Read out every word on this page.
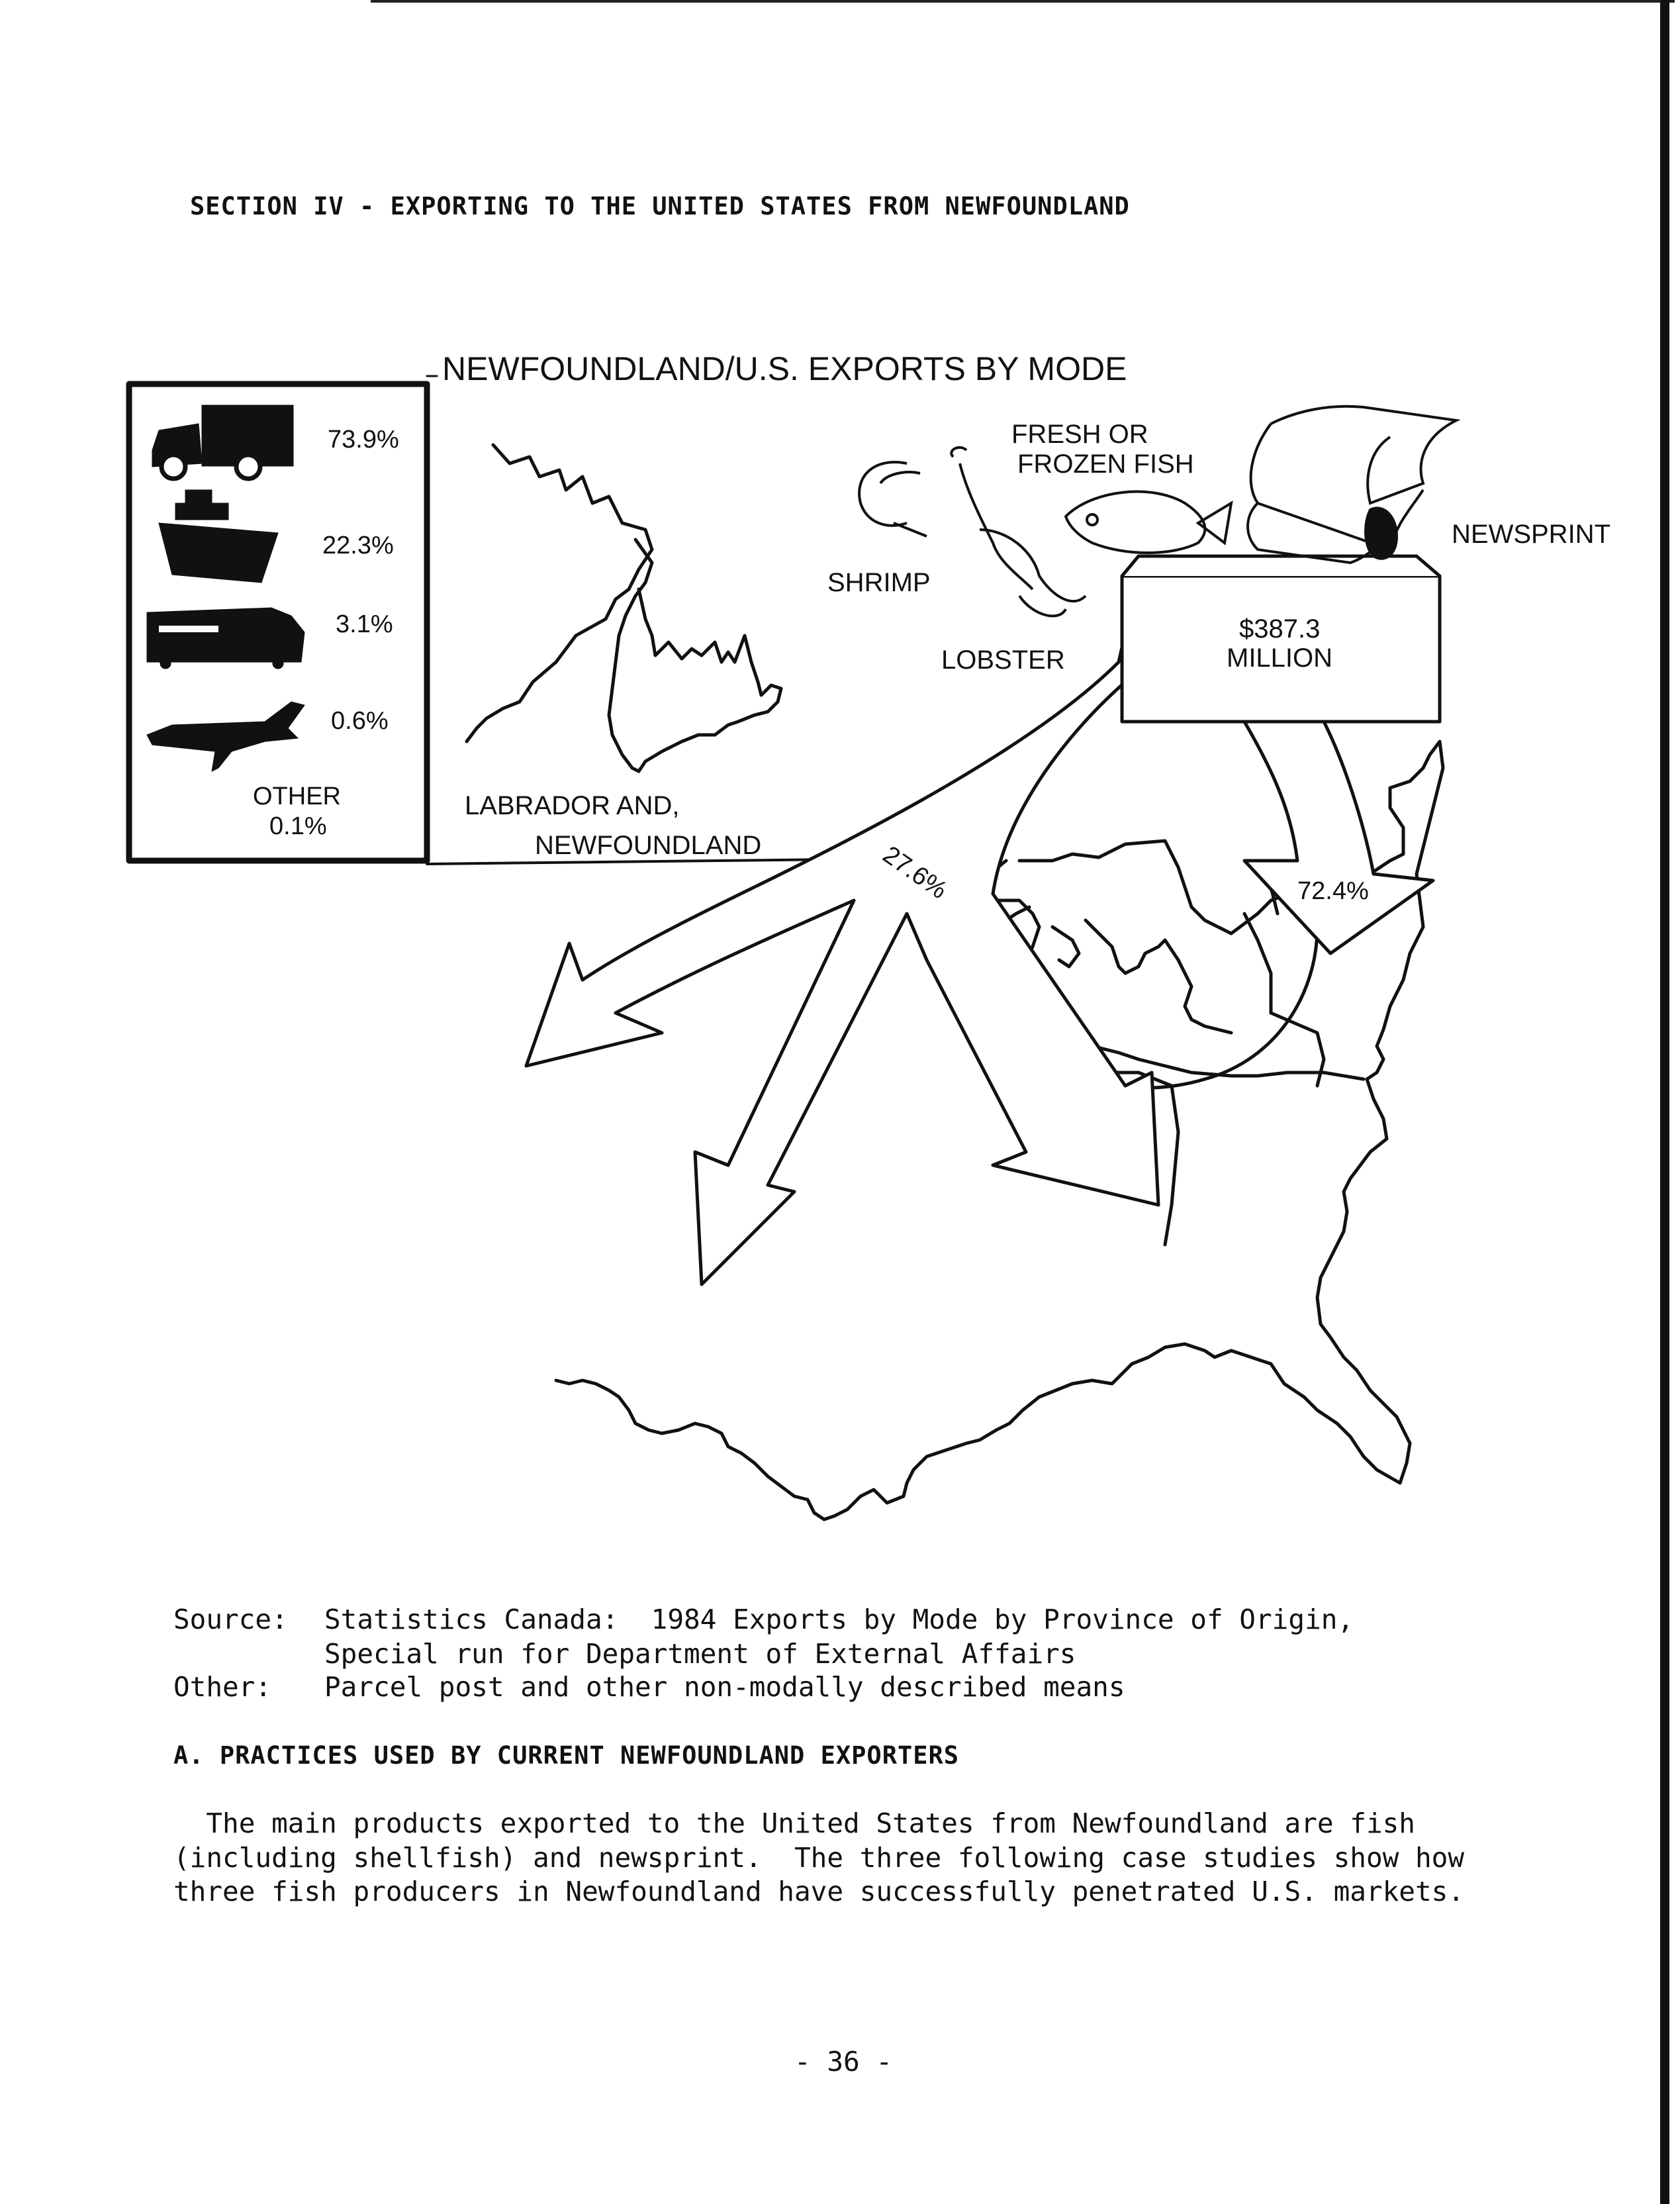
SECTION IV - EXPORTING TO THE UNITED STATES FROM NEWFOUNDLAND
NEWFOUNDLAND/U.S. EXPORTS BY MODE
73.9%
22.3%
3.1%
0.6%
OTHER
0.1%
LABRADOR AND,
NEWFOUNDLAND
FRESH OR
FROZEN FISH
SHRIMP
LOBSTER
NEWSPRINT
$387.3
MILLION
27.6%	72.4%
Source: Statistics Canada:  1984 Exports by Mode by Province of Origin,
Special run for Department of External Affairs
Other: Parcel post and other non-modally described means
A. PRACTICES USED BY CURRENT NEWFOUNDLAND EXPORTERS
The main products exported to the United States from Newfoundland are fish
(including shellfish) and newsprint.  The three following case studies show how
three fish producers in Newfoundland have successfully penetrated U.S. markets.
- 36 -
